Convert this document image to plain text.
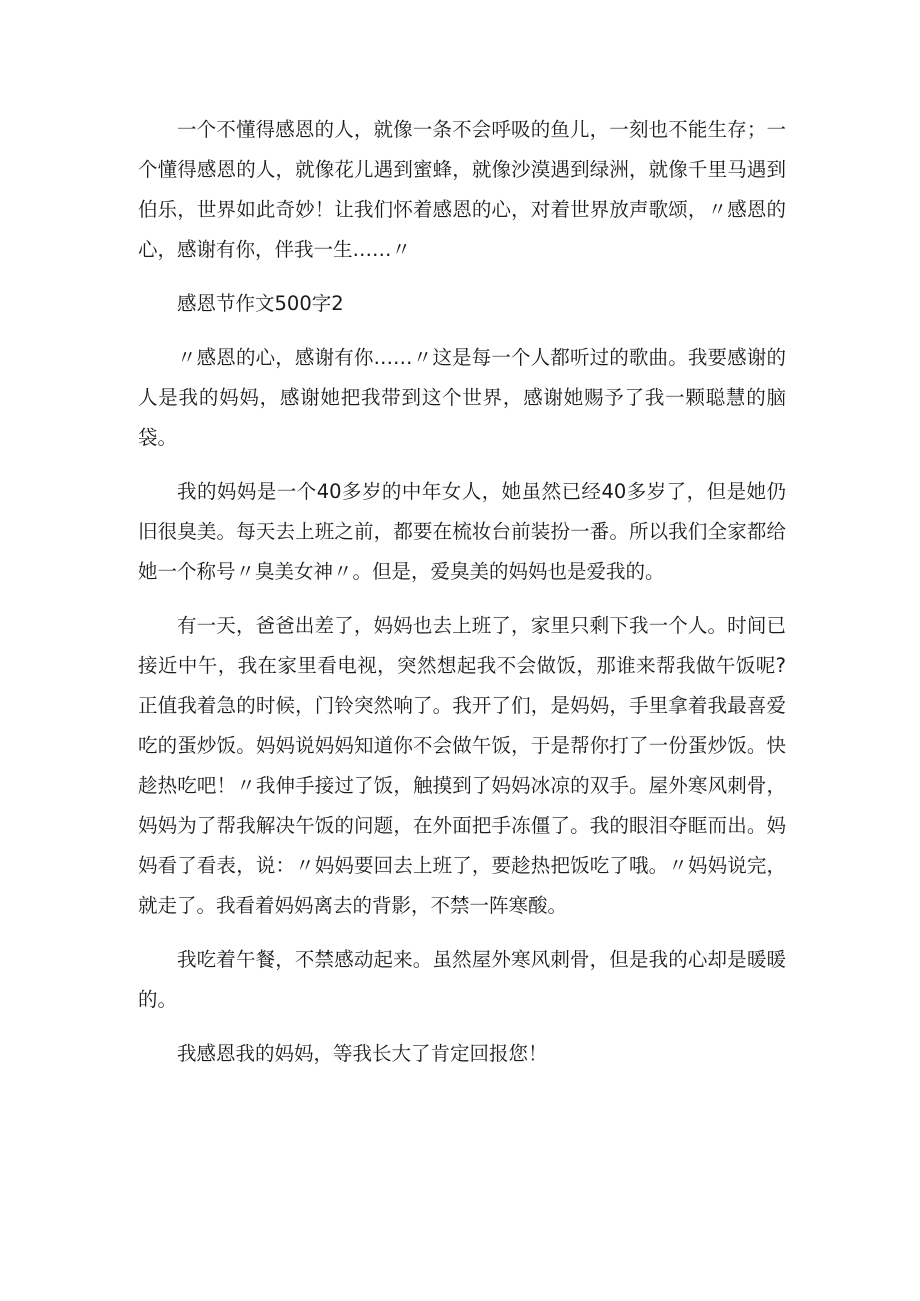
一个不懂得感恩的人，就像一条不会呼吸的鱼儿，一刻也不能生存；一个懂得感恩的人，就像花儿遇到蜜蜂，就像沙漠遇到绿洲，就像千里马遇到伯乐，世界如此奇妙！让我们怀着感恩的心，对着世界放声歌颂，〃感恩的心，感谢有你，伴我一生……〃

感恩节作文500字2

〃感恩的心，感谢有你……〃这是每一个人都听过的歌曲。我要感谢的人是我的妈妈，感谢她把我带到这个世界，感谢她赐予了我一颗聪慧的脑袋。

我的妈妈是一个40多岁的中年女人，她虽然已经40多岁了，但是她仍旧很臭美。每天去上班之前，都要在梳妆台前装扮一番。所以我们全家都给她一个称号〃臭美女神〃。但是，爱臭美的妈妈也是爱我的。

有一天，爸爸出差了，妈妈也去上班了，家里只剩下我一个人。时间已接近中午，我在家里看电视，突然想起我不会做饭，那谁来帮我做午饭呢?正值我着急的时候，门铃突然响了。我开了们，是妈妈，手里拿着我最喜爱吃的蛋炒饭。妈妈说妈妈知道你不会做午饭，于是帮你打了一份蛋炒饭。快趁热吃吧！〃我伸手接过了饭，触摸到了妈妈冰凉的双手。屋外寒风刺骨，妈妈为了帮我解决午饭的问题，在外面把手冻僵了。我的眼泪夺眶而出。妈妈看了看表，说：〃妈妈要回去上班了，要趁热把饭吃了哦。〃妈妈说完，就走了。我看着妈妈离去的背影，不禁一阵寒酸。

我吃着午餐，不禁感动起来。虽然屋外寒风刺骨，但是我的心却是暖暖的。

我感恩我的妈妈，等我长大了肯定回报您！
